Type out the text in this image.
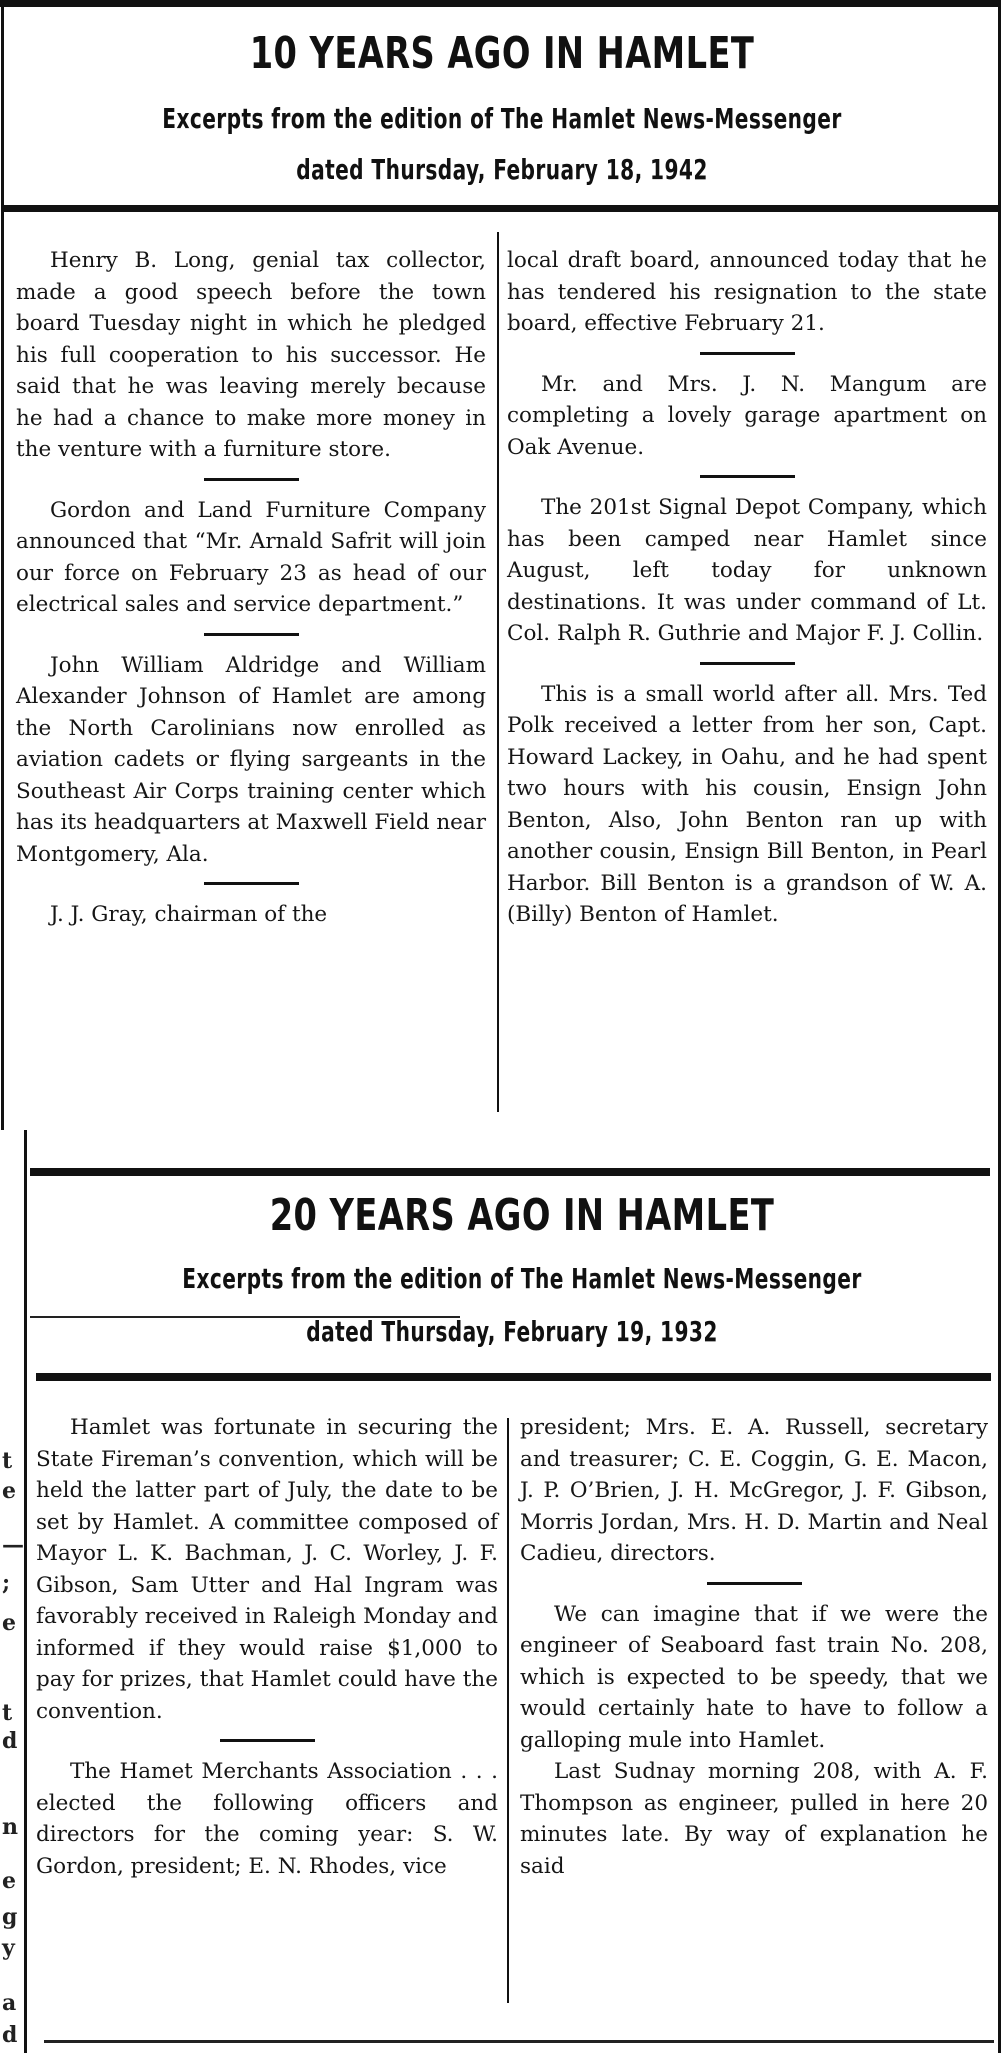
10 YEARS AGO IN HAMLET
Excerpts from the edition of The Hamlet News-Messenger
dated Thursday, February 18, 1942

Henry B. Long, genial tax collector, made a good speech before the town board Tuesday night in which he pledged his full cooperation to his successor. He said that he was leaving merely because he had a chance to make more money in the venture with a furniture store.

Gordon and Land Furniture Company announced that “Mr. Arnald Safrit will join our force on February 23 as head of our electrical sales and service department.”

John William Aldridge and William Alexander Johnson of Hamlet are among the North Carolinians now enrolled as aviation cadets or flying sargeants in the Southeast Air Corps training center which has its headquarters at Maxwell Field near Montgomery, Ala.

J. J. Gray, chairman of the

local draft board, announced today that he has tendered his resignation to the state board, effective February 21.

Mr. and Mrs. J. N. Mangum are completing a lovely garage apartment on Oak Avenue.

The 201st Signal Depot Company, which has been camped near Hamlet since August, left today for unknown destinations. It was under command of Lt. Col. Ralph R. Guthrie and Major F. J. Collin.

This is a small world after all. Mrs. Ted Polk received a letter from her son, Capt. Howard Lackey, in Oahu, and he had spent two hours with his cousin, Ensign John Benton, Also, John Benton ran up with another cousin, Ensign Bill Benton, in Pearl Harbor. Bill Benton is a grandson of W. A. (Billy) Benton of Hamlet.

20 YEARS AGO IN HAMLET
Excerpts from the edition of The Hamlet News-Messenger
dated Thursday, February 19, 1932

Hamlet was fortunate in securing the State Fireman’s convention, which will be held the latter part of July, the date to be set by Hamlet. A committee composed of Mayor L. K. Bachman, J. C. Worley, J. F. Gibson, Sam Utter and Hal Ingram was favorably received in Raleigh Monday and informed if they would raise $1,000 to pay for prizes, that Hamlet could have the convention.

The Hamet Merchants Association . . . elected the following officers and directors for the coming year: S. W. Gordon, president; E. N. Rhodes, vice

president; Mrs. E. A. Russell, secretary and treasurer; C. E. Coggin, G. E. Macon, J. P. O’Brien, J. H. McGregor, J. F. Gibson, Morris Jordan, Mrs. H. D. Martin and Neal Cadieu, directors.

We can imagine that if we were the engineer of Seaboard fast train No. 208, which is expected to be speedy, that we would certainly hate to have to follow a galloping mule into Hamlet.

Last Sudnay morning 208, with A. F. Thompson as engineer, pulled in here 20 minutes late. By way of explanation he said

t
e
—
;
e
t
d
n
e
g
y
a
d
